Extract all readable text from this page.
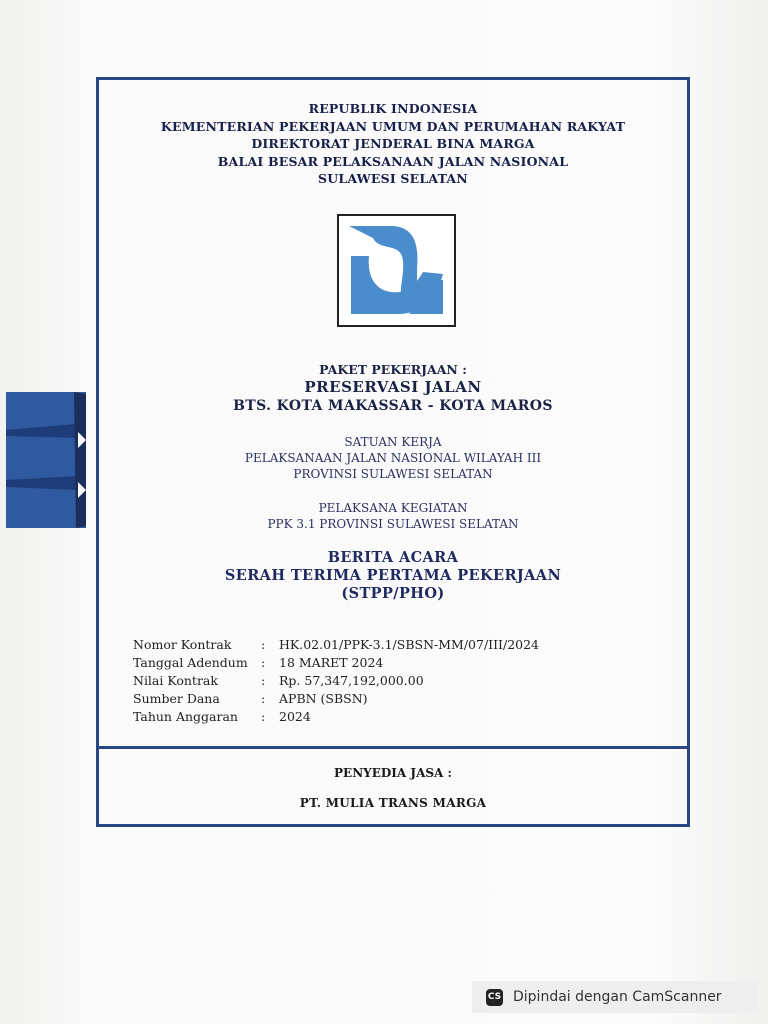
REPUBLIK INDONESIA
KEMENTERIAN PEKERJAAN UMUM DAN PERUMAHAN RAKYAT
DIREKTORAT JENDERAL BINA MARGA
BALAI BESAR PELAKSANAAN JALAN NASIONAL
SULAWESI SELATAN
PAKET PEKERJAAN :
PRESERVASI JALAN
BTS. KOTA MAKASSAR - KOTA MAROS
SATUAN KERJA
PELAKSANAAN JALAN NASIONAL WILAYAH III
PROVINSI SULAWESI SELATAN
PELAKSANA KEGIATAN
PPK 3.1 PROVINSI SULAWESI SELATAN
BERITA ACARA
SERAH TERIMA PERTAMA PEKERJAAN
(STPP/PHO)
Nomor Kontrak	:	HK.02.01/PPK-3.1/SBSN-MM/07/III/2024
Tanggal Adendum	:	18 MARET 2024
Nilai Kontrak	:	Rp. 57,347,192,000.00
Sumber Dana	:	APBN (SBSN)
Tahun Anggaran	:	2024
PENYEDIA JASA :
PT. MULIA TRANS MARGA
CS Dipindai dengan CamScanner
